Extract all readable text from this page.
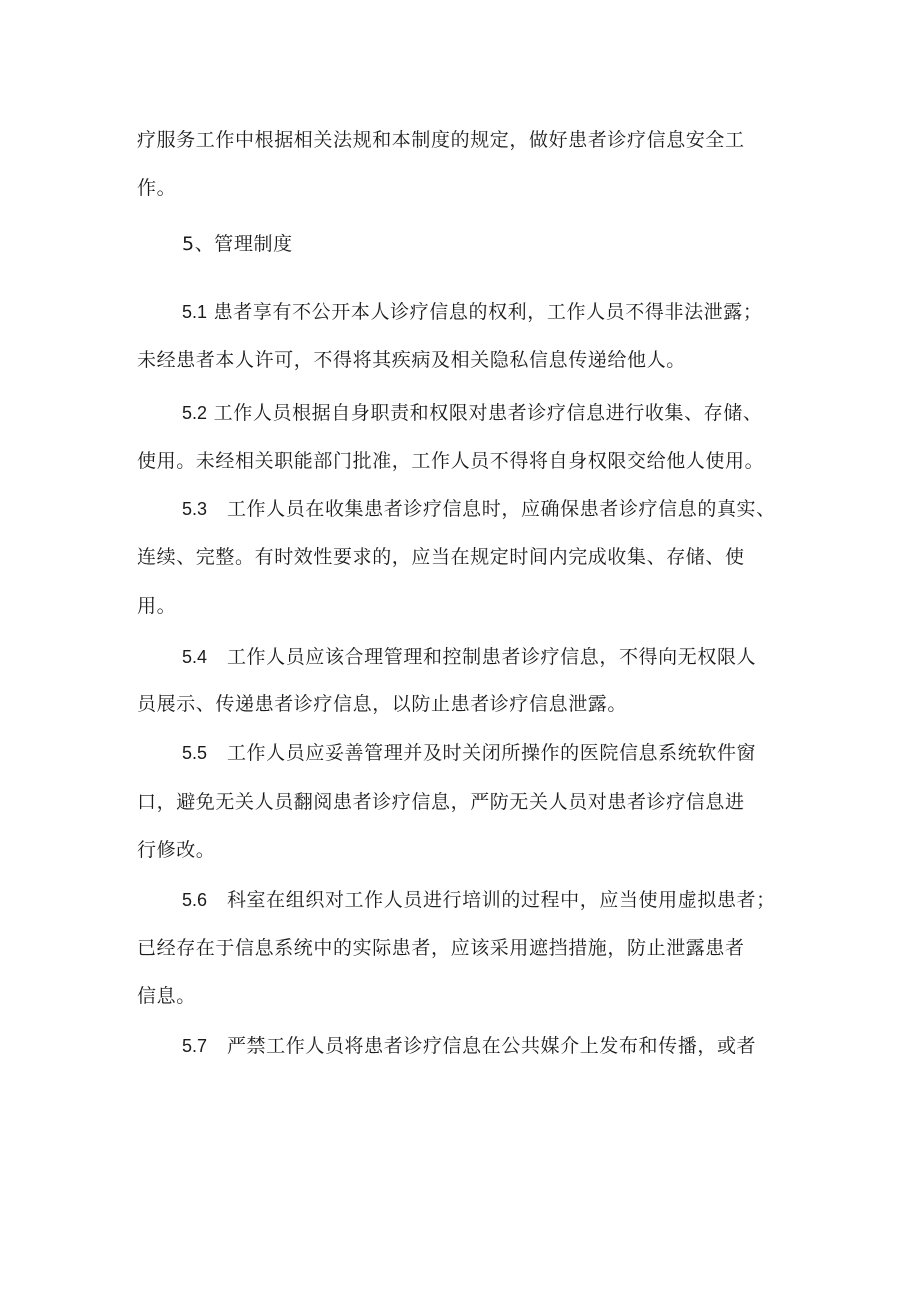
疗服务工作中根据相关法规和本制度的规定，做好患者诊疗信息安全工
作。
5、管理制度
5.1 患者享有不公开本人诊疗信息的权利，工作人员不得非法泄露；
未经患者本人许可，不得将其疾病及相关隐私信息传递给他人。
5.2 工作人员根据自身职责和权限对患者诊疗信息进行收集、存储、
使用。未经相关职能部门批准，工作人员不得将自身权限交给他人使用。
5.3 工作人员在收集患者诊疗信息时，应确保患者诊疗信息的真实、
连续、完整。有时效性要求的，应当在规定时间内完成收集、存储、使
用。
5.4 工作人员应该合理管理和控制患者诊疗信息，不得向无权限人
员展示、传递患者诊疗信息，以防止患者诊疗信息泄露。
5.5 工作人员应妥善管理并及时关闭所操作的医院信息系统软件窗
口，避免无关人员翻阅患者诊疗信息，严防无关人员对患者诊疗信息进
行修改。
5.6 科室在组织对工作人员进行培训的过程中，应当使用虚拟患者；
已经存在于信息系统中的实际患者，应该采用遮挡措施，防止泄露患者
信息。
5.7 严禁工作人员将患者诊疗信息在公共媒介上发布和传播，或者
